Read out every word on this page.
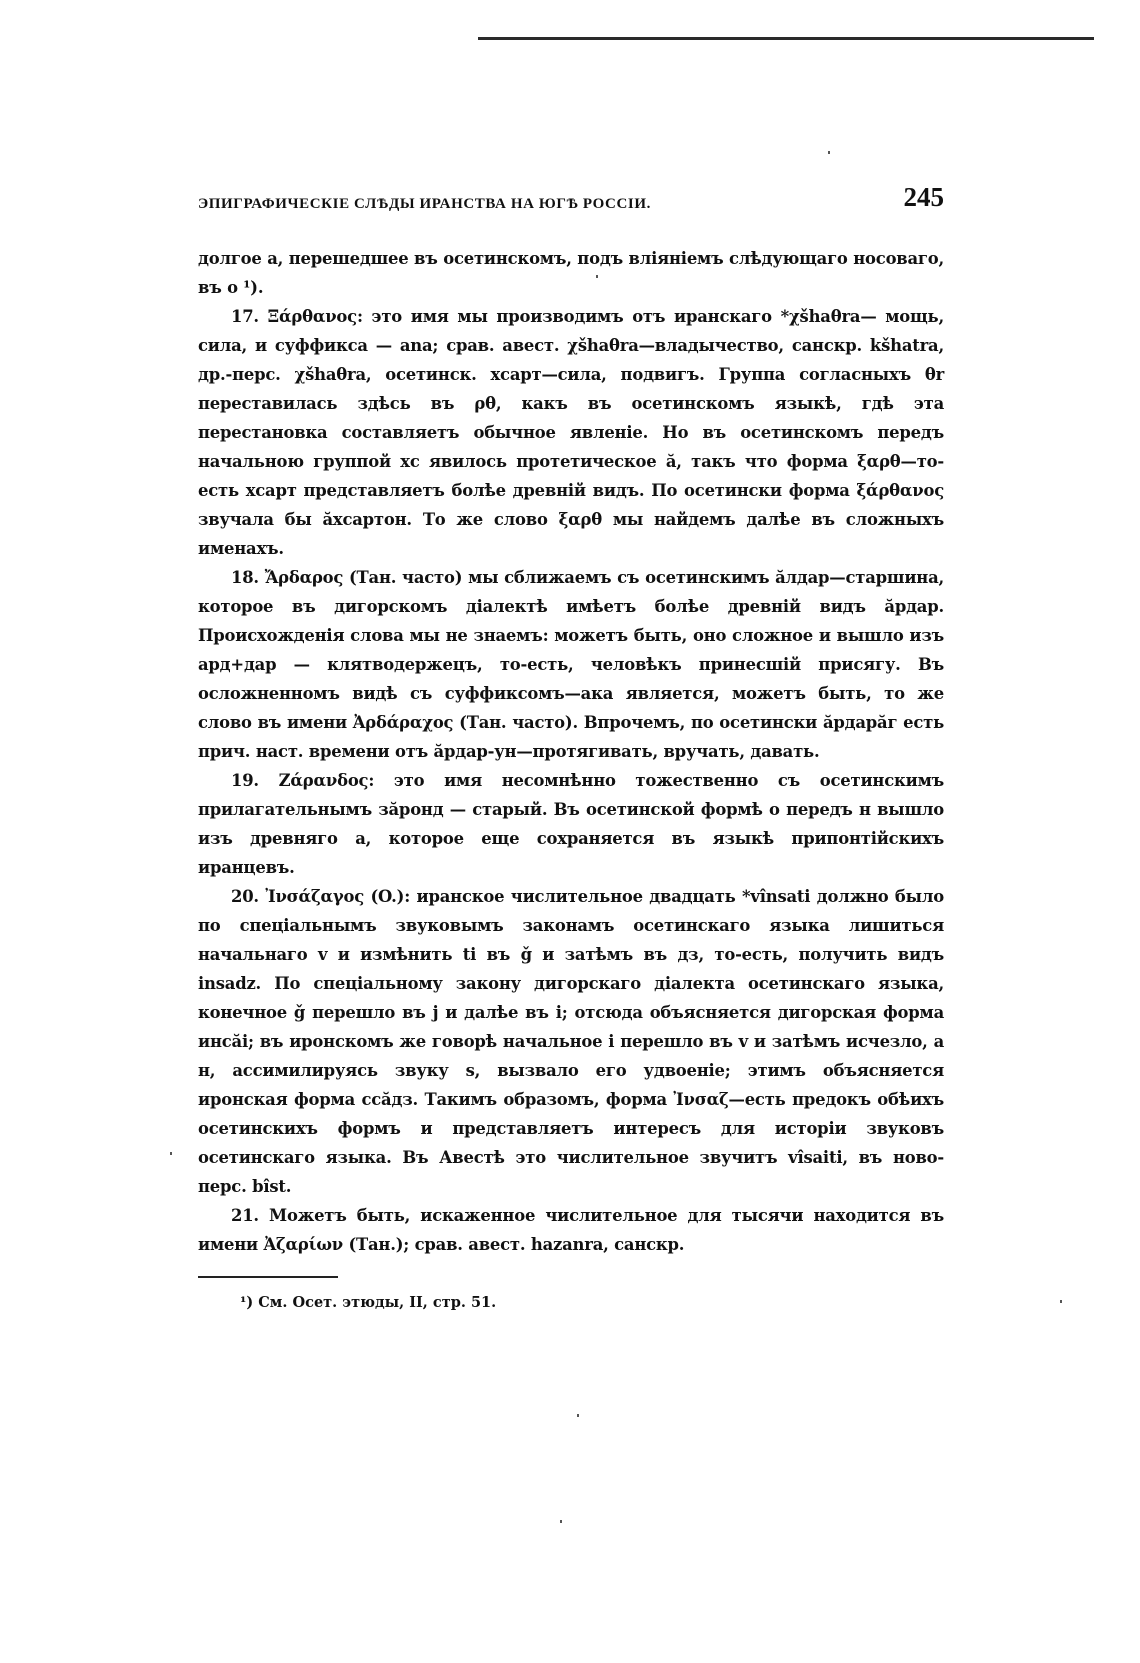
ЭПИГРАФИЧЕСКІЕ СЛѢДЫ ИРАНСТВА НА ЮГѢ РОССІИ.	245

долгое a, перешедшее въ осетинскомъ, подъ вліяніемъ слѣдующаго носоваго, въ o ¹).

17. Ξάρθανος: это имя мы производимъ отъ иранскаго *χšhaθra— мощь, сила, и суффикса — ana; срав. авест. χšhaθra—владычество, санскр. kšhatra, др.-перс. χšhaθra, осетинск. хсарт—сила, подвигъ. Группа согласныхъ θr переставилась здѣсь въ ρθ, какъ въ осетинскомъ языкѣ, гдѣ эта перестановка составляетъ обычное явленіе. Но въ осетинскомъ передъ начальною группой хс явилось протетическое ă, такъ что форма ξαρθ—то-есть хсарт представляетъ болѣе древній видъ. По осетински форма ξάρθανος звучала бы ăхсартон. То же слово ξαρθ мы найдемъ далѣе въ сложныхъ именахъ.

18. Ἄρδαρος (Тан. часто) мы сближаемъ съ осетинскимъ ăлдар—старшина, которое въ дигорскомъ діалектѣ имѣетъ болѣе древній видъ ăрдар. Происхожденія слова мы не знаемъ: можетъ быть, оно сложное и вышло изъ ард+дар — клятводержецъ, то-есть, человѣкъ принесшій присягу. Въ осложненномъ видѣ съ суффиксомъ—ака является, можетъ быть, то же слово въ имени Ἀρδάραχος (Тан. часто). Впрочемъ, по осетински ăрдарăг есть прич. наст. времени отъ ăрдар-ун—протягивать, вручать, давать.

19. Ζάρανδος: это имя несомнѣнно тожественно съ осетинскимъ прилагательнымъ зăронд — старый. Въ осетинской формѣ o передъ н вышло изъ древняго a, которое еще сохраняется въ языкѣ припонтійскихъ иранцевъ.

20. Ἰνσάζαγος (O.): иранское числительное двадцать *vînsati должно было по спеціальнымъ звуковымъ законамъ осетинскаго языка лишиться начальнаго v и измѣнить ti въ ǧ и затѣмъ въ дз, то-есть, получить видъ insadz. По спеціальному закону дигорскаго діалекта осетинскаго языка, конечное ǧ перешло въ j и далѣе въ i; отсюда объясняется дигорская форма инсăi; въ иронскомъ же говорѣ начальное i перешло въ v и затѣмъ исчезло, а н, ассимилируясь звуку s, вызвало его удвоеніе; этимъ объясняется иронская форма ссăдз. Такимъ образомъ, форма Ἰνσαζ—есть предокъ обѣихъ осетинскихъ формъ и представляетъ интересъ для исторіи звуковъ осетинскаго языка. Въ Авестѣ это числительное звучитъ vîsaiti, въ ново-перс. bîst.

21. Можетъ быть, искаженное числительное для тысячи находится въ имени Ἀζαρίων (Тан.); срав. авест. hazanra, санскр.

¹) См. Осет. этюды, II, стр. 51.
